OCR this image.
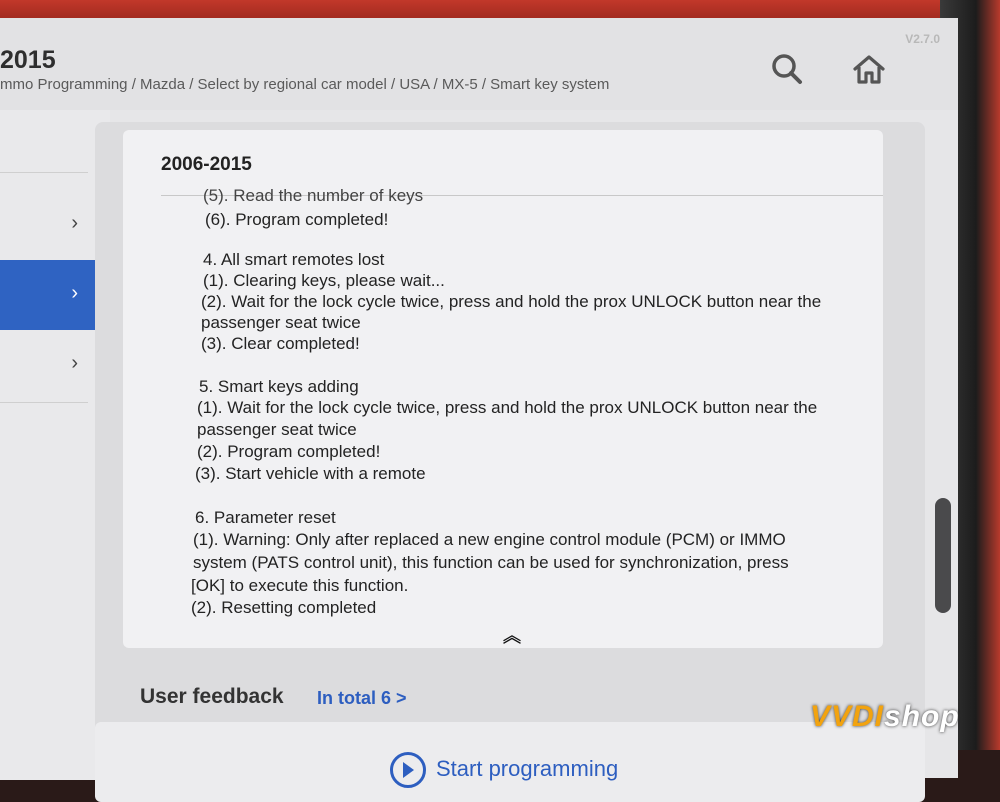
2015
mmo Programming / Mazda / Select by regional car model / USA / MX-5 / Smart key system
V2.7.0
›
›
›
2006-2015
(5). Read the number of keys
(6). Program completed!
4. All smart remotes lost
(1). Clearing keys, please wait...
(2). Wait for the lock cycle twice, press and hold the prox UNLOCK button near the
passenger seat twice
(3). Clear completed!
5. Smart keys adding
(1). Wait for the lock cycle twice, press and hold the prox UNLOCK button near the
passenger seat twice
(2). Program completed!
(3). Start vehicle with a remote
6. Parameter reset
(1). Warning: Only after replaced a new engine control module (PCM) or IMMO
system (PATS control unit), this function can be used for synchronization, press
[OK] to execute this function.
(2). Resetting completed
︽
User feedback In total 6 >
Start programming
VVDIshop
